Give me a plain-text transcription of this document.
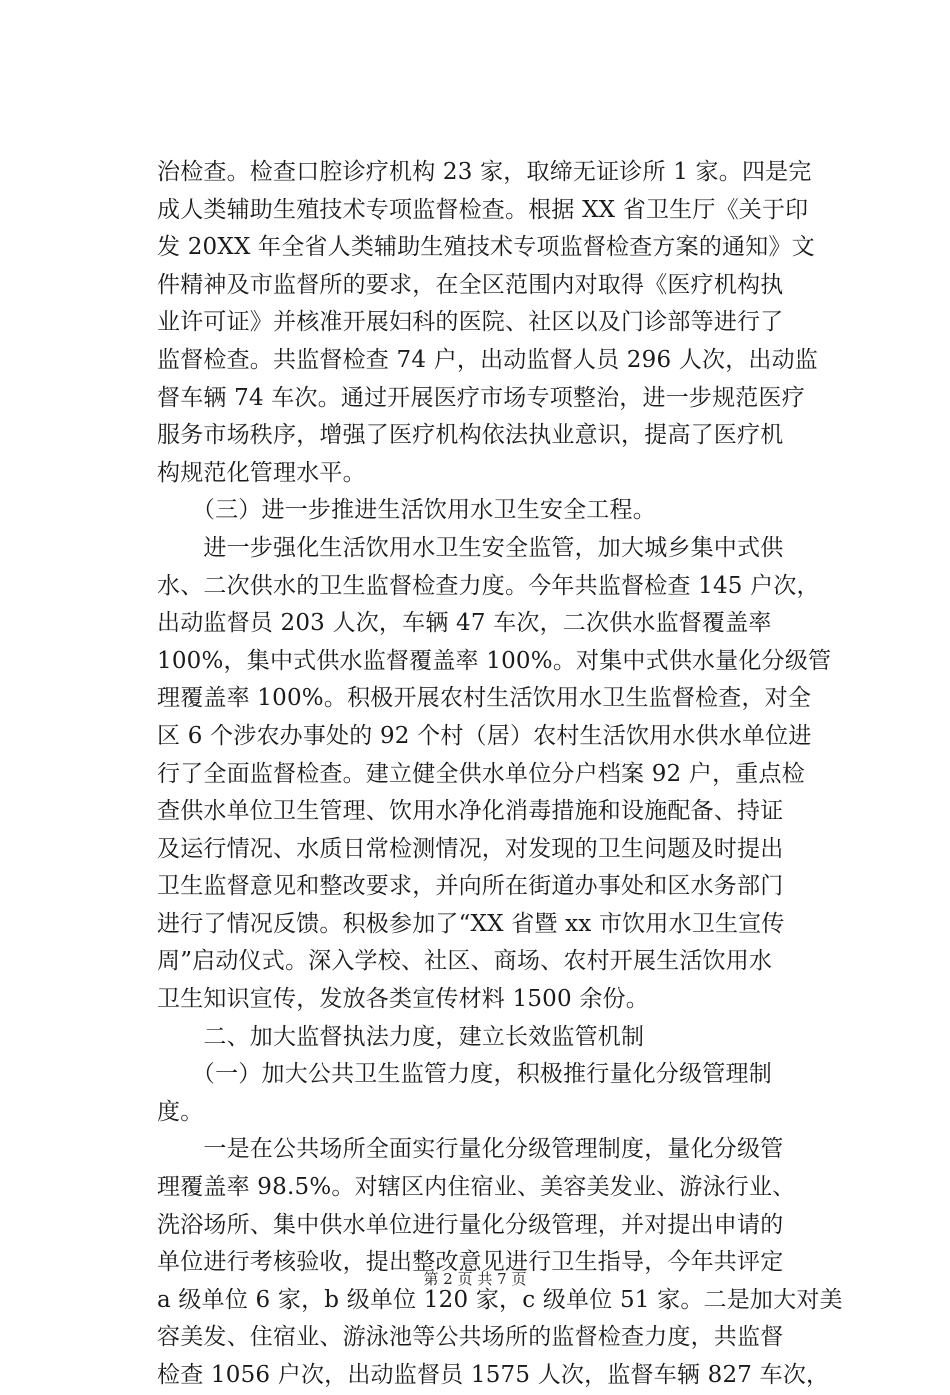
治检查。检查口腔诊疗机构 23 家，取缔无证诊所 1 家。四是完
成人类辅助生殖技术专项监督检查。根据 XX 省卫生厅《关于印
发 20XX 年全省人类辅助生殖技术专项监督检查方案的通知》文
件精神及市监督所的要求，在全区范围内对取得《医疗机构执
业许可证》并核准开展妇科的医院、社区以及门诊部等进行了
监督检查。共监督检查 74 户，出动监督人员 296 人次，出动监
督车辆 74 车次。通过开展医疗市场专项整治，进一步规范医疗
服务市场秩序，增强了医疗机构依法执业意识，提高了医疗机
构规范化管理水平。
　　（三）进一步推进生活饮用水卫生安全工程。
　　进一步强化生活饮用水卫生安全监管，加大城乡集中式供
水、二次供水的卫生监督检查力度。今年共监督检查 145 户次，
出动监督员 203 人次，车辆 47 车次，二次供水监督覆盖率
100%，集中式供水监督覆盖率 100%。对集中式供水量化分级管
理覆盖率 100%。积极开展农村生活饮用水卫生监督检查，对全
区 6 个涉农办事处的 92 个村（居）农村生活饮用水供水单位进
行了全面监督检查。建立健全供水单位分户档案 92 户，重点检
查供水单位卫生管理、饮用水净化消毒措施和设施配备、持证
及运行情况、水质日常检测情况，对发现的卫生问题及时提出
卫生监督意见和整改要求，并向所在街道办事处和区水务部门
进行了情况反馈。积极参加了“XX 省暨 xx 市饮用水卫生宣传
周”启动仪式。深入学校、社区、商场、农村开展生活饮用水
卫生知识宣传，发放各类宣传材料 1500 余份。
　　二、加大监督执法力度，建立长效监管机制
　　（一）加大公共卫生监管力度，积极推行量化分级管理制
度。
　　一是在公共场所全面实行量化分级管理制度，量化分级管
理覆盖率 98.5%。对辖区内住宿业、美容美发业、游泳行业、
洗浴场所、集中供水单位进行量化分级管理，并对提出申请的
单位进行考核验收，提出整改意见进行卫生指导，今年共评定
a 级单位 6 家，b 级单位 120 家，c 级单位 51 家。二是加大对美
容美发、住宿业、游泳池等公共场所的监督检查力度，共监督
检查 1056 户次，出动监督员 1575 人次，监督车辆 827 车次，
第 2 页 共 7 页
